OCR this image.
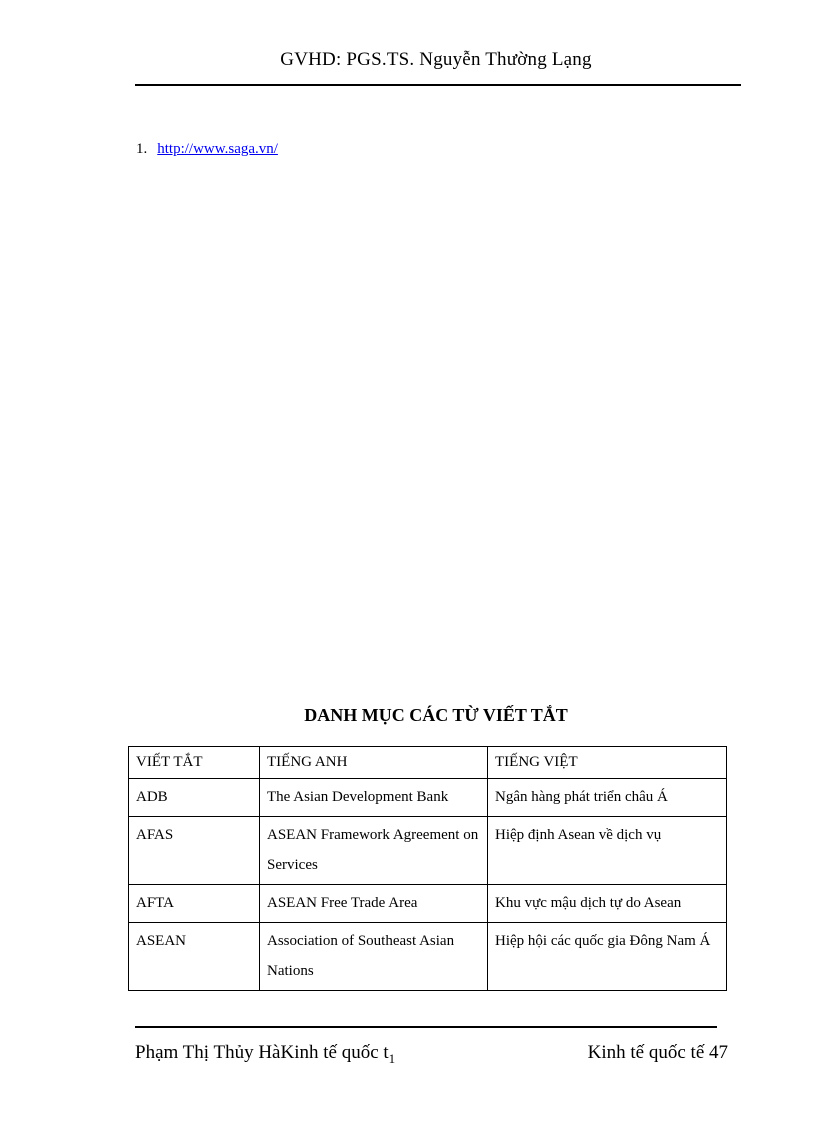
GVHD: PGS.TS. Nguyễn Thường Lạng
1. http://www.saga.vn/
DANH MỤC CÁC TỪ VIẾT TẮT
VIẾT TẮT	TIẾNG ANH	TIẾNG VIỆT
ADB	The Asian Development Bank	Ngân hàng phát triển châu Á
AFAS	ASEAN Framework Agreement on Services	Hiệp định Asean về dịch vụ
AFTA	ASEAN Free Trade Area	Khu vực mậu dịch tự do Asean
ASEAN	Association of Southeast Asian Nations	Hiệp hội các quốc gia Đông Nam Á
Phạm Thị Thủy HàKinh tế quốc $t_1$	Kinh tế quốc tế 47
